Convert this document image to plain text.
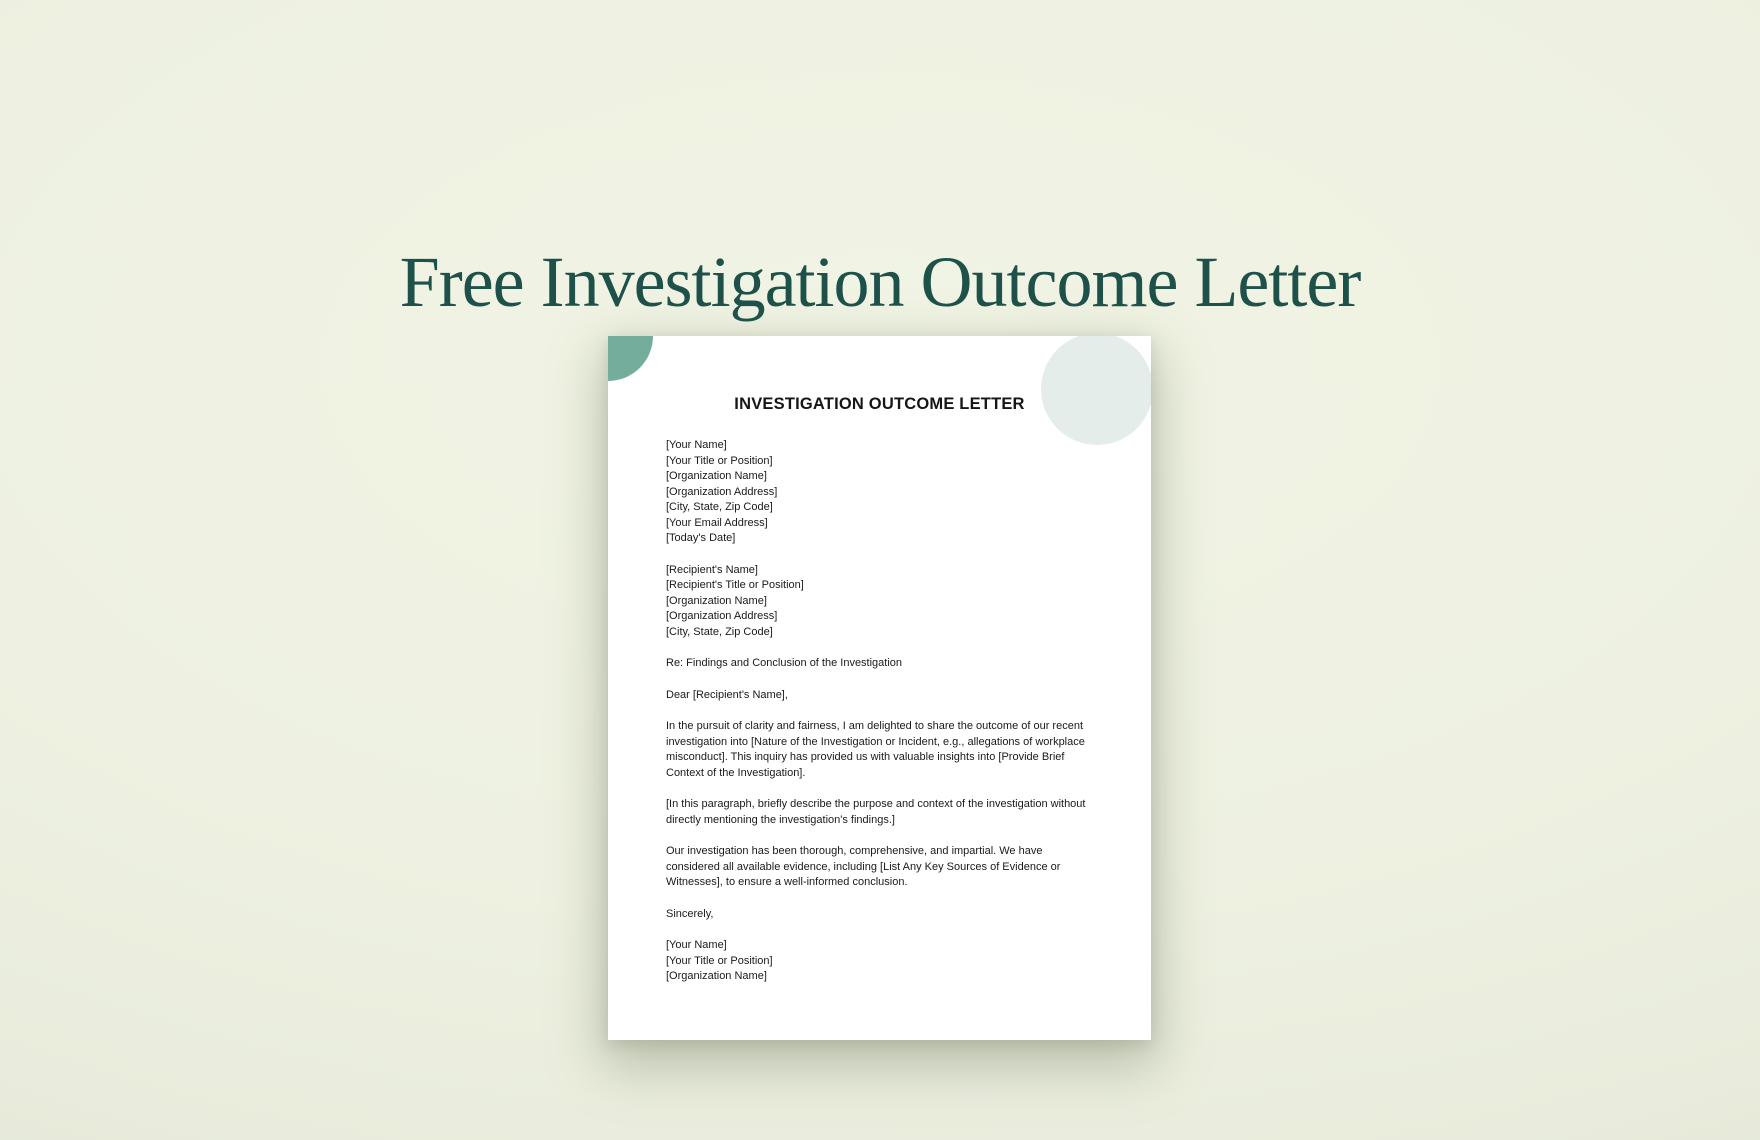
Free Investigation Outcome Letter
INVESTIGATION OUTCOME LETTER
[Your Name]
[Your Title or Position]
[Organization Name]
[Organization Address]
[City, State, Zip Code]
[Your Email Address]
[Today's Date]
[Recipient's Name]
[Recipient's Title or Position]
[Organization Name]
[Organization Address]
[City, State, Zip Code]

Re: Findings and Conclusion of the Investigation

Dear [Recipient's Name],

In the pursuit of clarity and fairness, I am delighted to share the outcome of our recent investigation into [Nature of the Investigation or Incident, e.g., allegations of workplace misconduct]. This inquiry has provided us with valuable insights into [Provide Brief Context of the Investigation].

[In this paragraph, briefly describe the purpose and context of the investigation without directly mentioning the investigation's findings.]

Our investigation has been thorough, comprehensive, and impartial. We have considered all available evidence, including [List Any Key Sources of Evidence or Witnesses], to ensure a well-informed conclusion.

Sincerely,

[Your Name]
[Your Title or Position]
[Organization Name]
